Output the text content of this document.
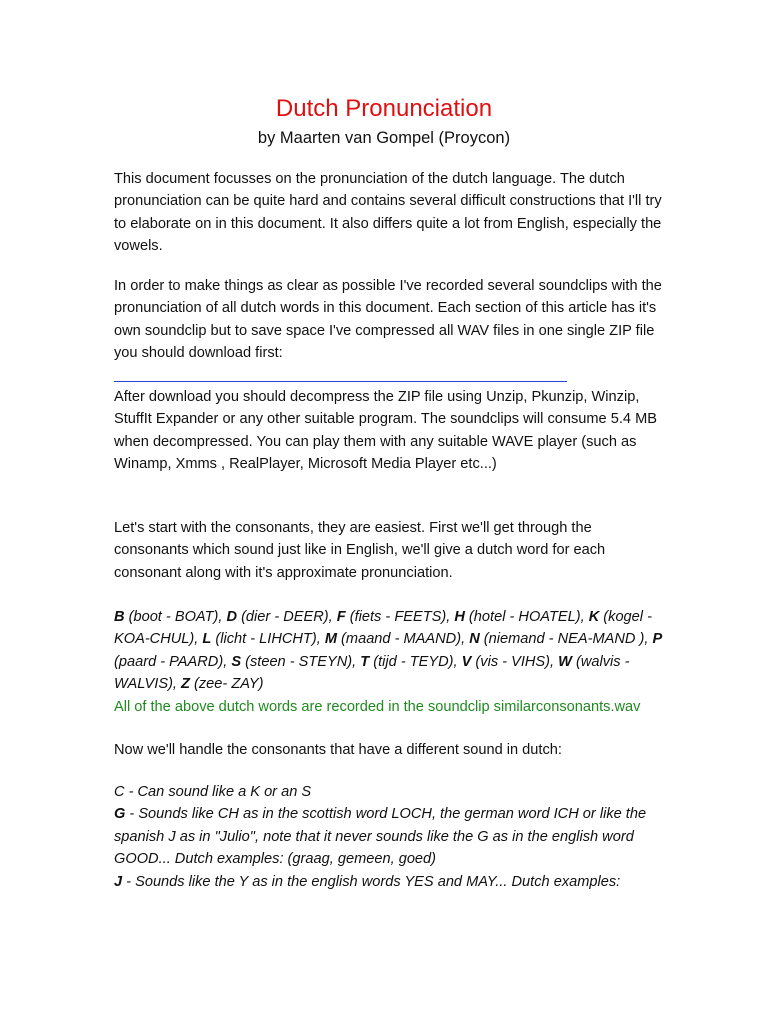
Dutch Pronunciation
by Maarten van Gompel (Proycon)
This document focusses on the pronunciation of the dutch language. The dutch pronunciation can be quite hard and contains several difficult constructions that I'll try to elaborate on in this document. It also differs quite a lot from English, especially the vowels.
In order to make things as clear as possible I've recorded several soundclips with the pronunciation of all dutch words in this document. Each section of this article has it's own soundclip but to save space I've compressed all WAV files in one single ZIP file you should download first:
After download you should decompress the ZIP file using Unzip, Pkunzip, Winzip, StuffIt Expander or any other suitable program. The soundclips will consume 5.4 MB when decompressed. You can play them with any suitable WAVE player (such as Winamp, Xmms , RealPlayer, Microsoft Media Player etc...)
Let's start with the consonants, they are easiest. First we'll get through the consonants which sound just like in English, we'll give a dutch word for each consonant along with it's approximate pronunciation.
B (boot - BOAT), D (dier - DEER), F (fiets - FEETS), H (hotel - HOATEL), K (kogel - KOA-CHUL), L (licht - LIHCHT), M (maand - MAAND), N (niemand - NEA-MAND ), P (paard - PAARD), S (steen - STEYN), T (tijd - TEYD), V (vis - VIHS), W (walvis - WALVIS), Z (zee- ZAY)
All of the above dutch words are recorded in the soundclip similarconsonants.wav
Now we'll handle the consonants that have a different sound in dutch:
C - Can sound like a K or an S
G - Sounds like CH as in the scottish word LOCH, the german word ICH or like the spanish J as in "Julio", note that it never sounds like the G as in the english word GOOD... Dutch examples: (graag, gemeen, goed)
J - Sounds like the Y as in the english words YES and MAY... Dutch examples:
